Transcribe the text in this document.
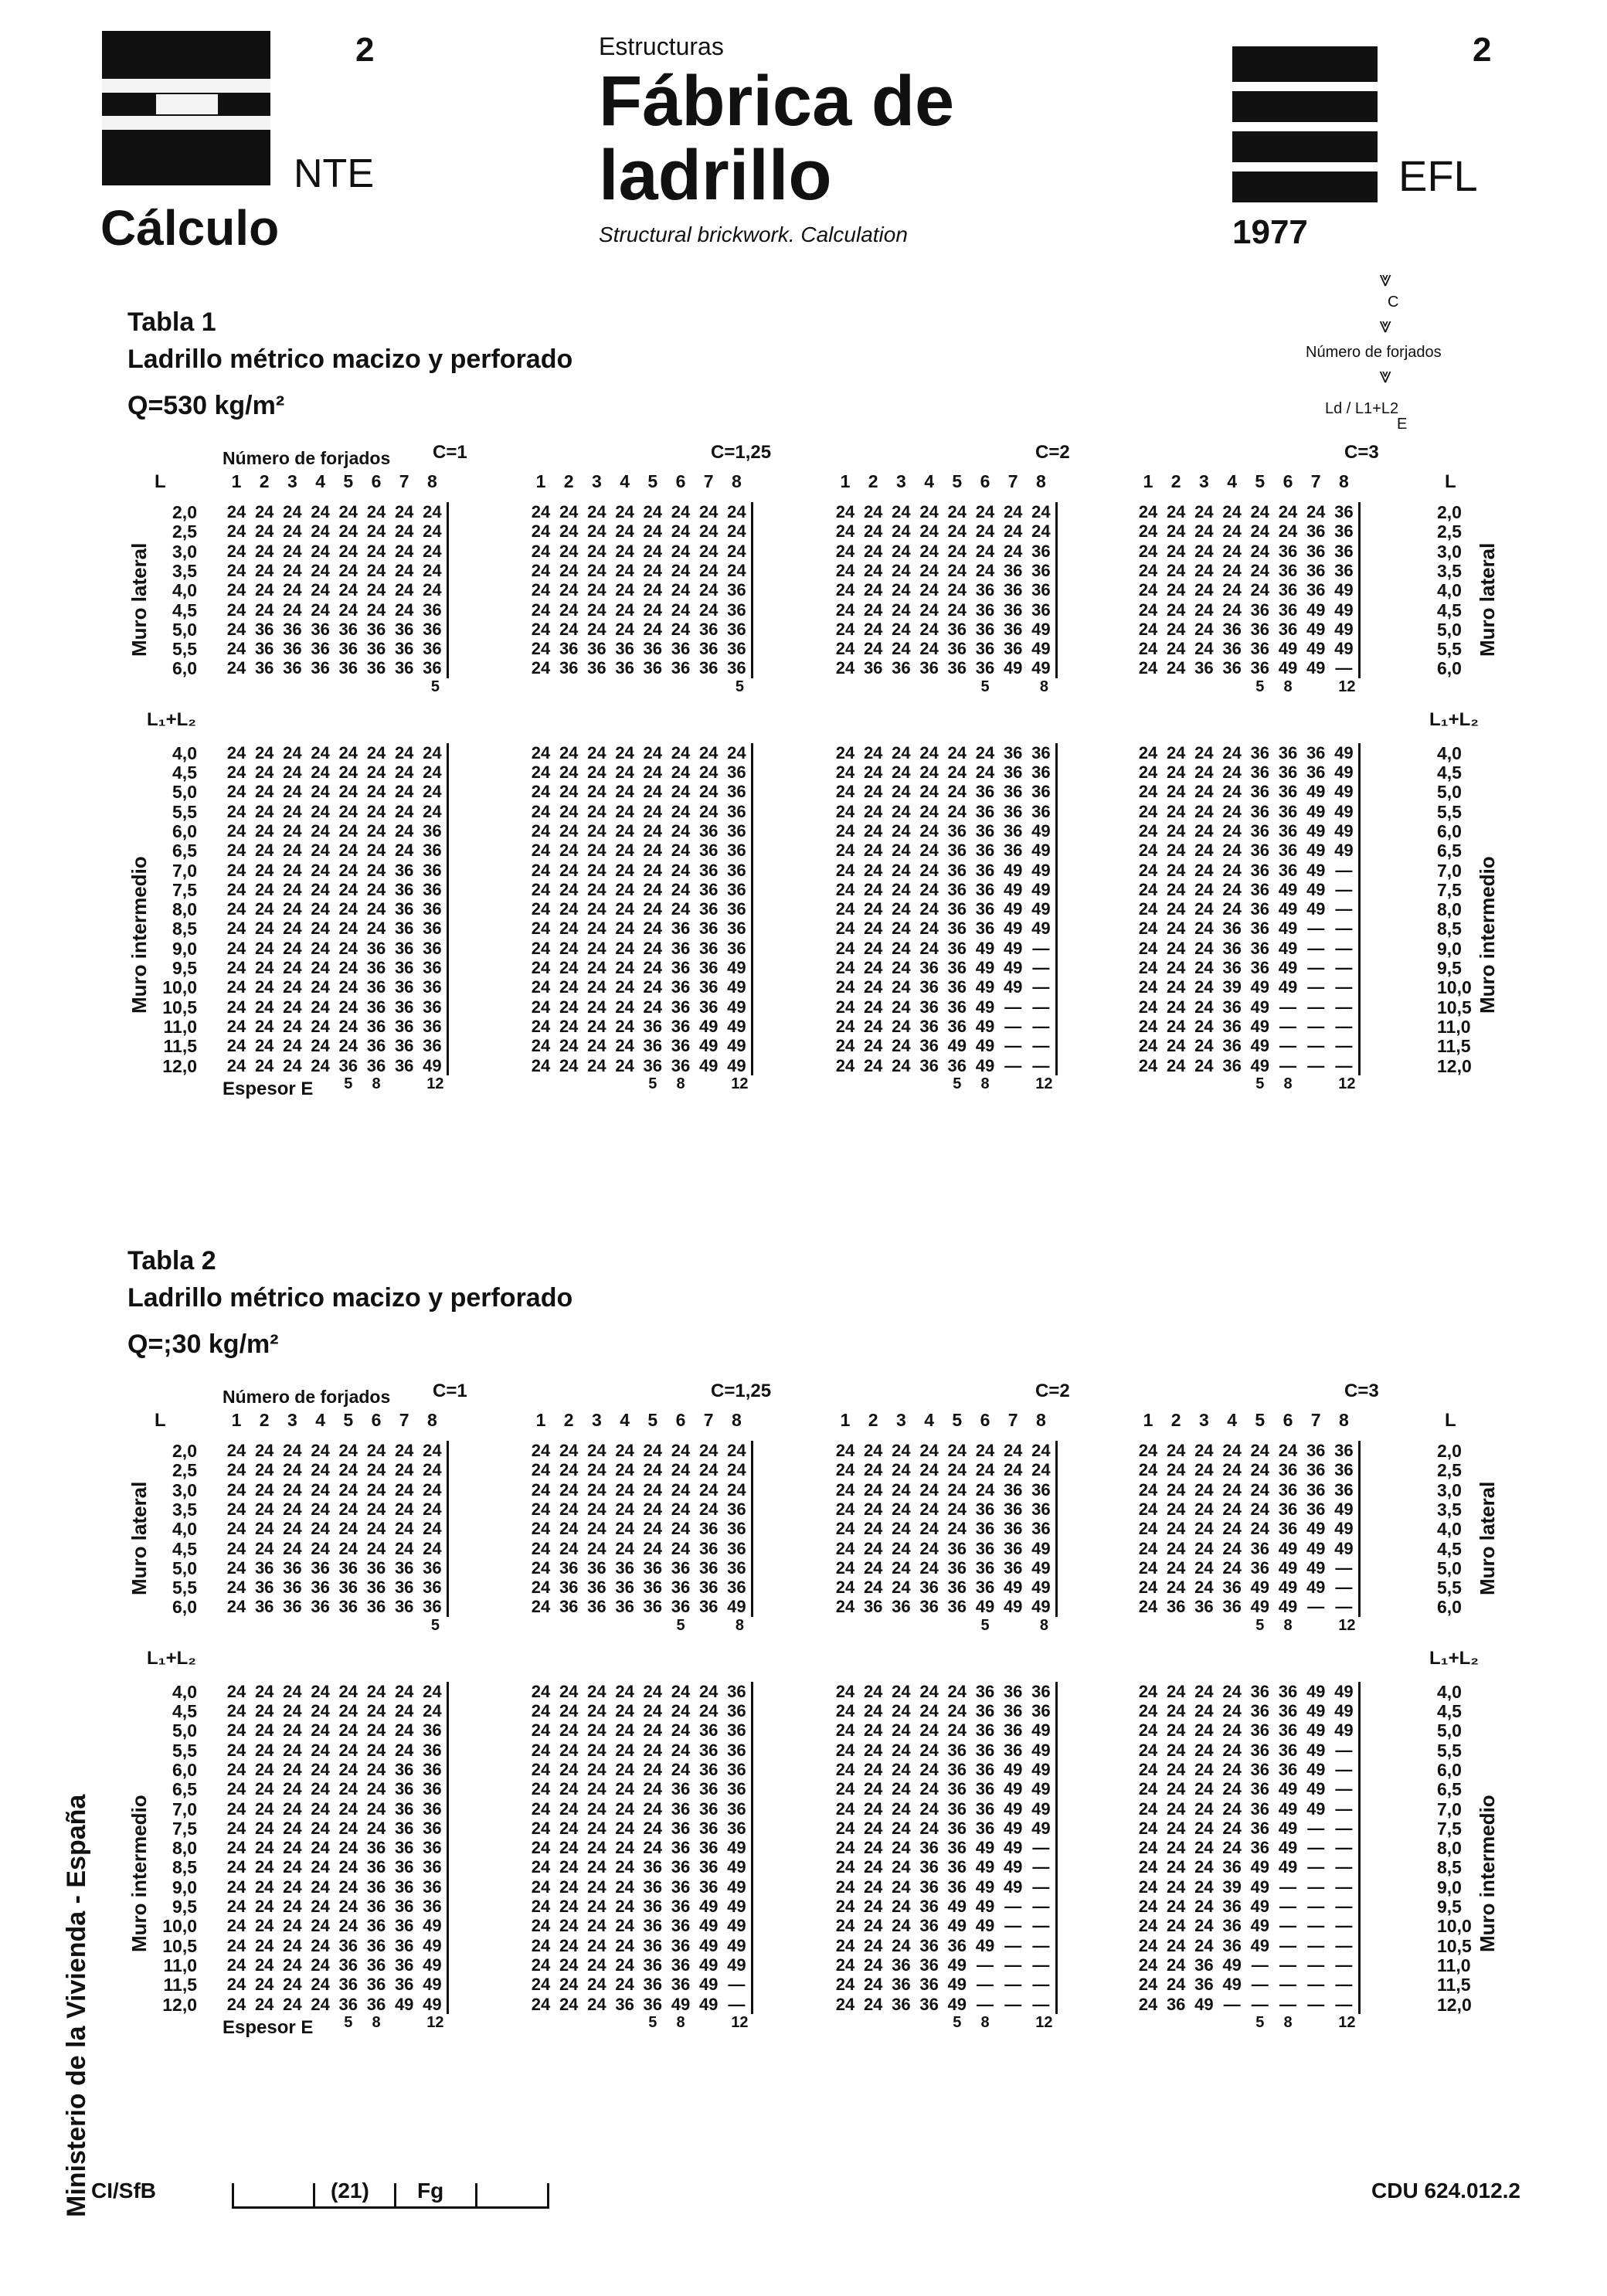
2
NTE
Cálculo
Estructuras
Fábrica de
ladrillo
Structural brickwork. Calculation
2
EFL
1977
⩔
C
⩔
Número de forjados
⩔
Ld / L1+L2
E
Tabla 1
Ladrillo métrico macizo y perforado
Q=530 kg/m²
Número de forjados C=1	C=1,25	C=2	C=3
L	L
1	2	3	4	5	6	7	8	1	2	3	4	5	6	7	8	1	2	3	4	5	6	7	8	1	2	3	4	5	6	7	8
2,0	2,0
24 24 24 24 24 24 24 24	24 24 24 24 24 24 24 24	24 24 24 24 24 24 24 24	24 24 24 24 24 24 24 36
2,5	2,5
24 24 24 24 24 24 24 24	24 24 24 24 24 24 24 24	24 24 24 24 24 24 24 24	24 24 24 24 24 24 36 36
3,0	3,0
24 24 24 24 24 24 24 24	24 24 24 24 24 24 24 24	24 24 24 24 24 24 24 36	24 24 24 24 24 36 36 36
3,5	3,5
24 24 24 24 24 24 24 24	24 24 24 24 24 24 24 24	24 24 24 24 24 24 36 36	24 24 24 24 24 36 36 36
4,0	4,0
24 24 24 24 24 24 24 24	24 24 24 24 24 24 24 36	24 24 24 24 24 36 36 36	24 24 24 24 24 36 36 49
4,5	4,5
24 24 24 24 24 24 24 36	24 24 24 24 24 24 24 36	24 24 24 24 24 36 36 36	24 24 24 24 36 36 49 49
5,0	5,0
24 36 36 36 36 36 36 36	24 24 24 24 24 24 36 36	24 24 24 24 36 36 36 49	24 24 24 36 36 36 49 49
5,5	5,5
24 36 36 36 36 36 36 36	24 36 36 36 36 36 36 36	24 24 24 24 36 36 36 49	24 24 24 36 36 49 49 49
6,0	6,0
24 36 36 36 36 36 36 36	24 36 36 36 36 36 36 36	24 36 36 36 36 36 49 49	24 24 36 36 36 49 49 —
5	5	5	8	5	8	12
Muro lateral	Muro lateral
L₁+L₂	L₁+L₂
4,0	4,0
24 24 24 24 24 24 24 24	24 24 24 24 24 24 24 24	24 24 24 24 24 24 36 36	24 24 24 24 36 36 36 49
4,5	4,5
24 24 24 24 24 24 24 24	24 24 24 24 24 24 24 36	24 24 24 24 24 24 36 36	24 24 24 24 36 36 36 49
5,0	5,0
24 24 24 24 24 24 24 24	24 24 24 24 24 24 24 36	24 24 24 24 24 36 36 36	24 24 24 24 36 36 49 49
5,5	5,5
24 24 24 24 24 24 24 24	24 24 24 24 24 24 24 36	24 24 24 24 24 36 36 36	24 24 24 24 36 36 49 49
6,0	6,0
24 24 24 24 24 24 24 36	24 24 24 24 24 24 36 36	24 24 24 24 36 36 36 49	24 24 24 24 36 36 49 49
6,5	6,5
24 24 24 24 24 24 24 36	24 24 24 24 24 24 36 36	24 24 24 24 36 36 36 49	24 24 24 24 36 36 49 49
7,0	7,0
24 24 24 24 24 24 36 36	24 24 24 24 24 24 36 36	24 24 24 24 36 36 49 49	24 24 24 24 36 36 49 —
7,5	7,5
24 24 24 24 24 24 36 36	24 24 24 24 24 24 36 36	24 24 24 24 36 36 49 49	24 24 24 24 36 49 49 —
8,0	8,0
24 24 24 24 24 24 36 36	24 24 24 24 24 24 36 36	24 24 24 24 36 36 49 49	24 24 24 24 36 49 49 —
8,5	8,5
24 24 24 24 24 24 36 36	24 24 24 24 24 36 36 36	24 24 24 24 36 36 49 49	24 24 24 36 36 49 — —
9,0	9,0
24 24 24 24 24 36 36 36	24 24 24 24 24 36 36 36	24 24 24 24 36 49 49 —	24 24 24 36 36 49 — —
9,5	9,5
24 24 24 24 24 36 36 36	24 24 24 24 24 36 36 49	24 24 24 36 36 49 49 —	24 24 24 36 36 49 — —
10,0	10,0
24 24 24 24 24 36 36 36	24 24 24 24 24 36 36 49	24 24 24 36 36 49 49 —	24 24 24 39 49 49 — —
10,5	10,5
24 24 24 24 24 36 36 36	24 24 24 24 24 36 36 49	24 24 24 36 36 49 — —	24 24 24 36 49 — — —
11,0	11,0
24 24 24 24 24 36 36 36	24 24 24 24 36 36 49 49	24 24 24 36 36 49 — —	24 24 24 36 49 — — —
11,5	11,5
24 24 24 24 24 36 36 36	24 24 24 24 36 36 49 49	24 24 24 36 49 49 — —	24 24 24 36 49 — — —
12,0	12,0
24 24 24 24 36 36 36 49	24 24 24 24 36 36 49 49	24 24 24 36 36 49 — —	24 24 24 36 49 — — —
Espesor E	5	8	12	5	8	12	5	8	12	5	8	12
Muro intermedio	Muro intermedio
Tabla 2
Ladrillo métrico macizo y perforado
Q=;30 kg/m²
Número de forjados C=1	C=1,25	C=2	C=3
L	L
1	2	3	4	5	6	7	8	1	2	3	4	5	6	7	8	1	2	3	4	5	6	7	8	1	2	3	4	5	6	7	8
2,0	2,0
24 24 24 24 24 24 24 24	24 24 24 24 24 24 24 24	24 24 24 24 24 24 24 24	24 24 24 24 24 24 36 36
2,5	2,5
24 24 24 24 24 24 24 24	24 24 24 24 24 24 24 24	24 24 24 24 24 24 24 24	24 24 24 24 24 36 36 36
3,0	3,0
24 24 24 24 24 24 24 24	24 24 24 24 24 24 24 24	24 24 24 24 24 24 36 36	24 24 24 24 24 36 36 36
3,5	3,5
24 24 24 24 24 24 24 24	24 24 24 24 24 24 24 36	24 24 24 24 24 36 36 36	24 24 24 24 24 36 36 49
4,0	4,0
24 24 24 24 24 24 24 24	24 24 24 24 24 24 36 36	24 24 24 24 24 36 36 36	24 24 24 24 24 36 49 49
4,5	4,5
24 24 24 24 24 24 24 24	24 24 24 24 24 24 36 36	24 24 24 24 36 36 36 49	24 24 24 24 36 49 49 49
5,0	5,0
24 36 36 36 36 36 36 36	24 36 36 36 36 36 36 36	24 24 24 24 36 36 36 49	24 24 24 24 36 49 49 —
5,5	5,5
24 36 36 36 36 36 36 36	24 36 36 36 36 36 36 36	24 24 24 36 36 36 49 49	24 24 24 36 49 49 49 —
6,0	6,0
24 36 36 36 36 36 36 36	24 36 36 36 36 36 36 49	24 36 36 36 36 49 49 49	24 36 36 36 49 49 — —
5	5	8	5	8	5	8	12
Muro lateral	Muro lateral
L₁+L₂	L₁+L₂
4,0	4,0
24 24 24 24 24 24 24 24	24 24 24 24 24 24 24 36	24 24 24 24 24 36 36 36	24 24 24 24 36 36 49 49
4,5	4,5
24 24 24 24 24 24 24 24	24 24 24 24 24 24 24 36	24 24 24 24 24 36 36 36	24 24 24 24 36 36 49 49
5,0	5,0
24 24 24 24 24 24 24 36	24 24 24 24 24 24 36 36	24 24 24 24 24 36 36 49	24 24 24 24 36 36 49 49
5,5	5,5
24 24 24 24 24 24 24 36	24 24 24 24 24 24 36 36	24 24 24 24 36 36 36 49	24 24 24 24 36 36 49 —
6,0	6,0
24 24 24 24 24 24 36 36	24 24 24 24 24 24 36 36	24 24 24 24 36 36 49 49	24 24 24 24 36 36 49 —
6,5	6,5
24 24 24 24 24 24 36 36	24 24 24 24 24 36 36 36	24 24 24 24 36 36 49 49	24 24 24 24 36 49 49 —
7,0	7,0
24 24 24 24 24 24 36 36	24 24 24 24 24 36 36 36	24 24 24 24 36 36 49 49	24 24 24 24 36 49 49 —
7,5	7,5
24 24 24 24 24 24 36 36	24 24 24 24 24 36 36 36	24 24 24 24 36 36 49 49	24 24 24 24 36 49 — —
8,0	8,0
24 24 24 24 24 36 36 36	24 24 24 24 24 36 36 49	24 24 24 36 36 49 49 —	24 24 24 24 36 49 — —
8,5	8,5
24 24 24 24 24 36 36 36	24 24 24 24 36 36 36 49	24 24 24 36 36 49 49 —	24 24 24 36 49 49 — —
9,0	9,0
24 24 24 24 24 36 36 36	24 24 24 24 36 36 36 49	24 24 24 36 36 49 49 —	24 24 24 39 49 — — —
9,5	9,5
24 24 24 24 24 36 36 36	24 24 24 24 36 36 49 49	24 24 24 36 49 49 — —	24 24 24 36 49 — — —
10,0	10,0
24 24 24 24 24 36 36 49	24 24 24 24 36 36 49 49	24 24 24 36 49 49 — —	24 24 24 36 49 — — —
10,5	10,5
24 24 24 24 36 36 36 49	24 24 24 24 36 36 49 49	24 24 24 36 36 49 — —	24 24 24 36 49 — — —
11,0	11,0
24 24 24 24 36 36 36 49	24 24 24 24 36 36 49 49	24 24 36 36 49 — — —	24 24 36 49 — — — —
11,5	11,5
24 24 24 24 36 36 36 49	24 24 24 24 36 36 49 —	24 24 36 36 49 — — —	24 24 36 49 — — — —
12,0	12,0
24 24 24 24 36 36 49 49	24 24 24 36 36 49 49 —	24 24 36 36 49 — — —	24 36 49 — — — — —
Espesor E	5	8	12	5	8	12	5	8	12	5	8	12
Muro intermedio	Muro intermedio
Ministerio de la Vivienda - España CI/SfB	(21) Fg	CDU 624.012.2
